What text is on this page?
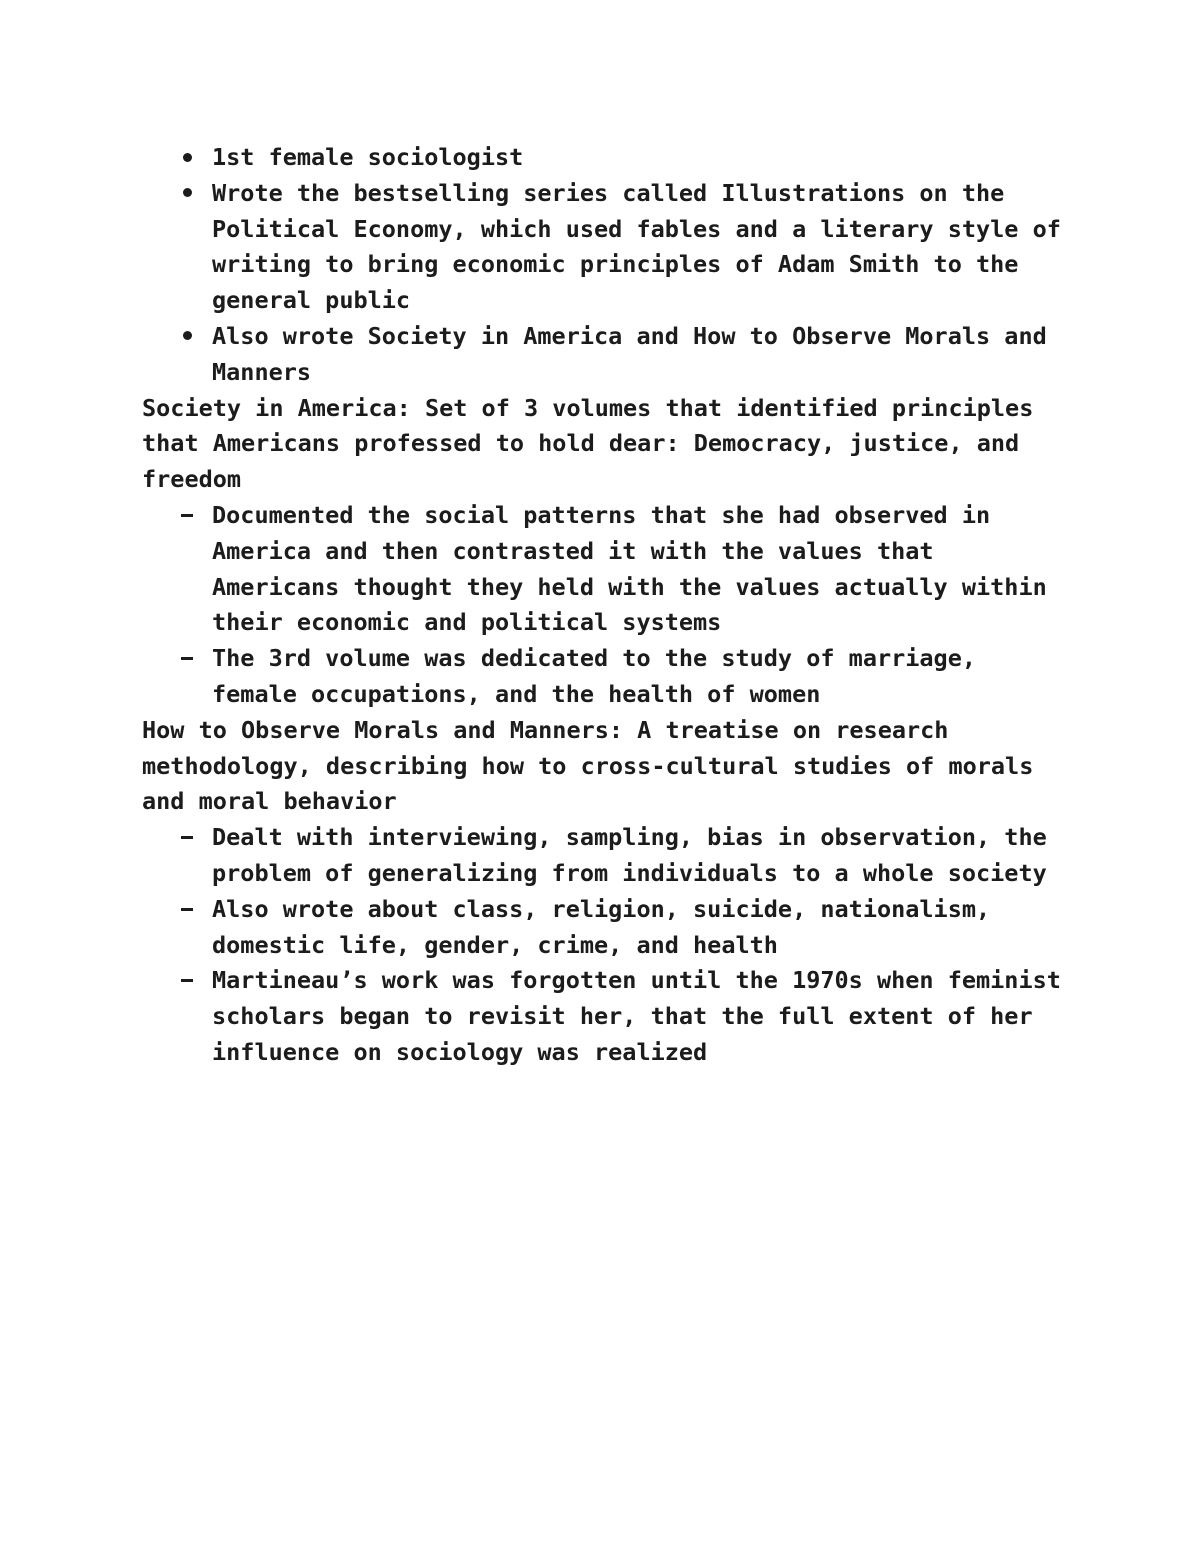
1st female sociologist
Wrote the bestselling series called Illustrations on the Political Economy, which used fables and a literary style of writing to bring economic principles of Adam Smith to the general public
Also wrote Society in America and How to Observe Morals and Manners

Society in America: Set of 3 volumes that identified principles that Americans professed to hold dear: Democracy, justice, and freedom

Documented the social patterns that she had observed in America and then contrasted it with the values that Americans thought they held with the values actually within their economic and political systems
The 3rd volume was dedicated to the study of marriage, female occupations, and the health of women

How to Observe Morals and Manners: A treatise on research methodology, describing how to cross-cultural studies of morals and moral behavior

Dealt with interviewing, sampling, bias in observation, the problem of generalizing from individuals to a whole society
Also wrote about class, religion, suicide, nationalism, domestic life, gender, crime, and health
Martineau’s work was forgotten until the 1970s when feminist scholars began to revisit her, that the full extent of her influence on sociology was realized
